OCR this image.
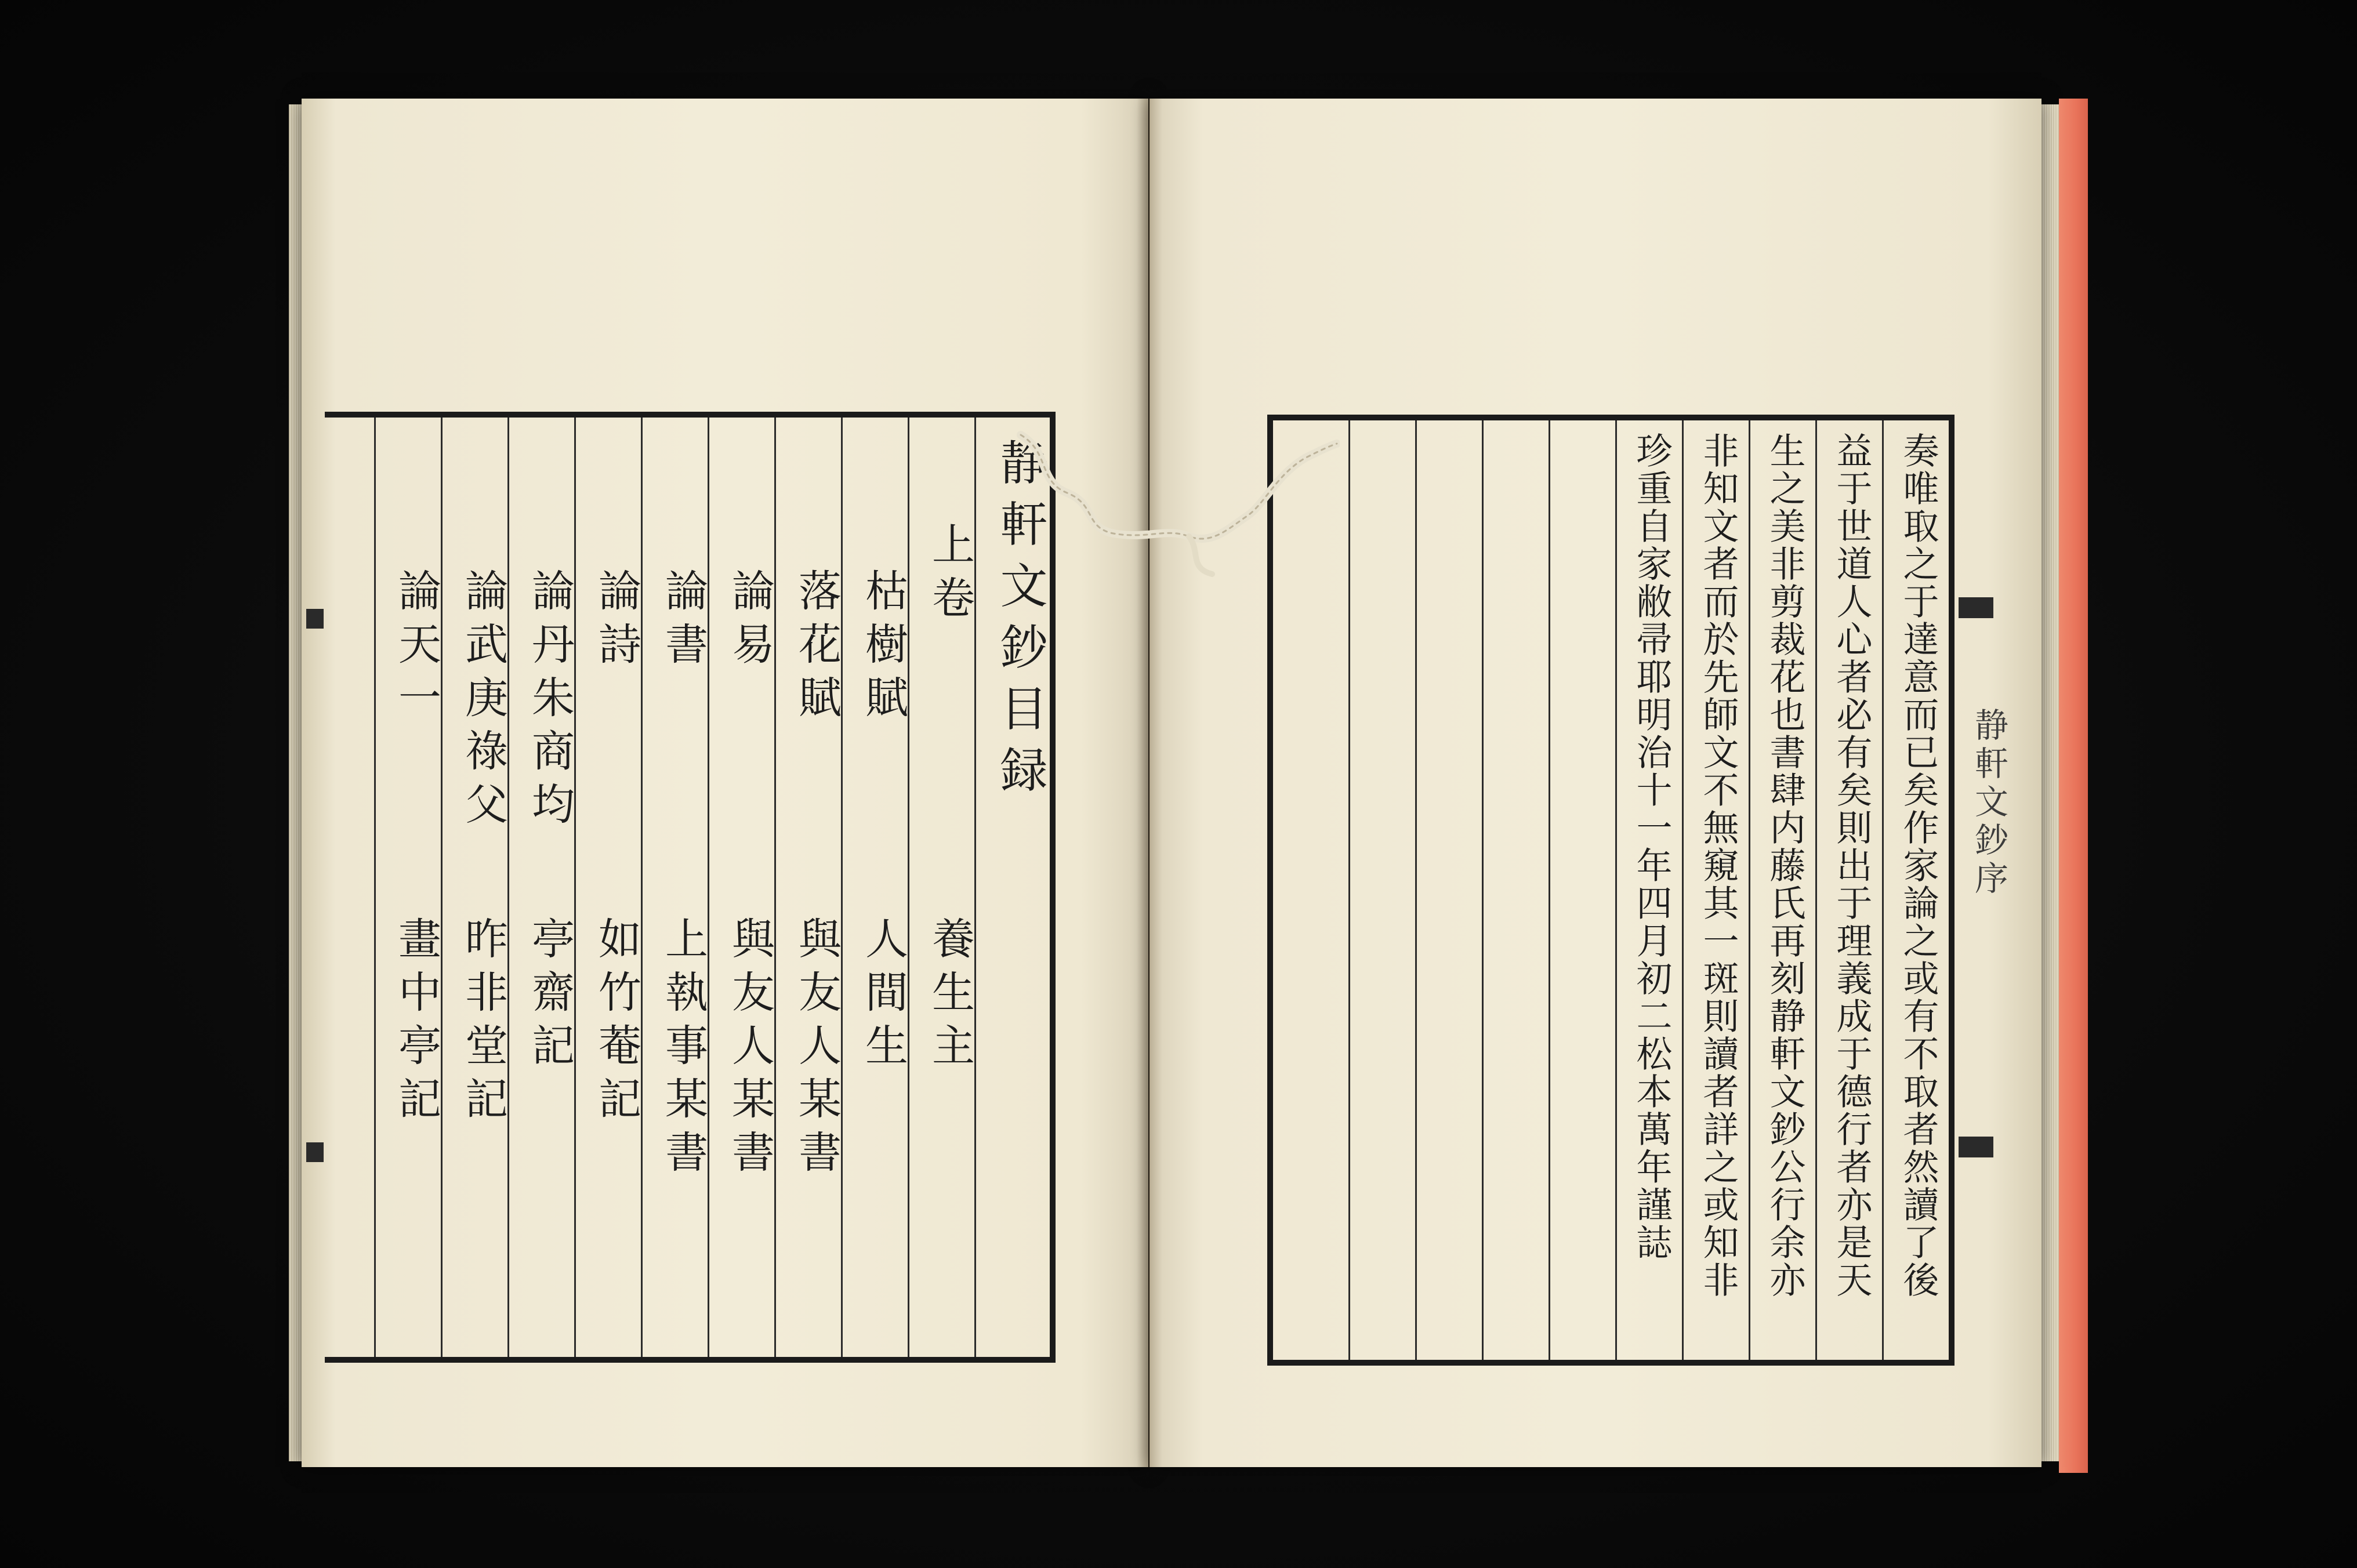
静軒文鈔目録
上卷
枯樹賦
落花賦
論易
論書
論詩
論丹朱商均
論武庚祿父
論天一
養生主
人間生
與友人某書
與友人某書
上執事某書
如竹菴記
亭齋記
昨非堂記
畫中亭記	奏唯取之于達意而已矣作家論之或有不取者然讀了後
益于世道人心者必有矣則出于理義成于德行者亦是天
生之美非剪裁花也書肆内藤氏再刻静軒文鈔公行余亦
非知文者而於先師文不無窺其一斑則讀者詳之或知非
珍重自家敝帚耶明治十一年四月初二松本萬年謹誌	静軒文鈔序
